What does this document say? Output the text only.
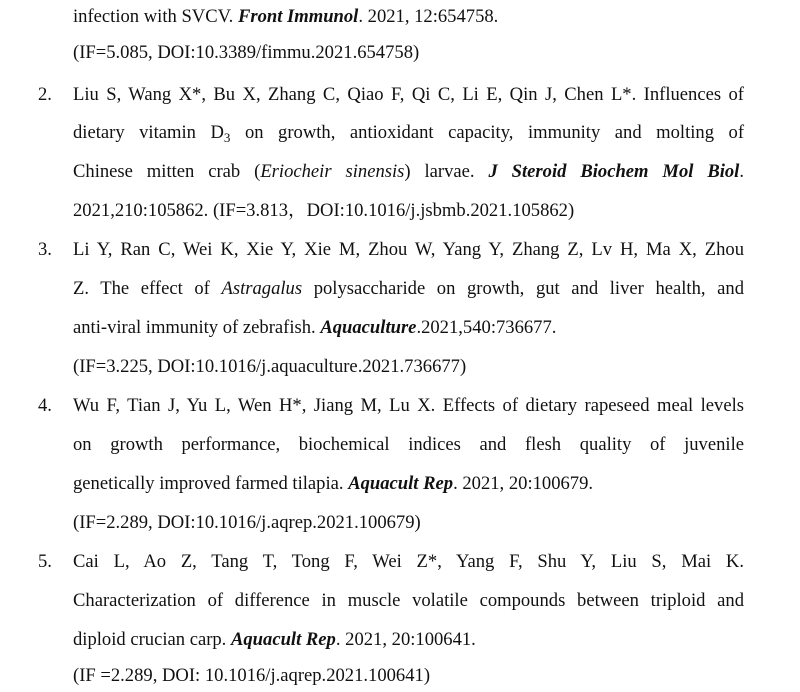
infection with SVCV. Front Immunol. 2021, 12:654758.
(IF=5.085, DOI:10.3389/fimmu.2021.654758)
2. Liu S, Wang X*, Bu X, Zhang C, Qiao F, Qi C, Li E, Qin J, Chen L*. Influences of
dietary vitamin $D_3$ on growth, antioxidant capacity, immunity and molting of
Chinese mitten crab (Eriocheir sinensis) larvae. J Steroid Biochem Mol Biol.
2021,210:105862. (IF=3.813，DOI:10.1016/j.jsbmb.2021.105862)
3. Li Y, Ran C, Wei K, Xie Y, Xie M, Zhou W, Yang Y, Zhang Z, Lv H, Ma X, Zhou
Z. The effect of Astragalus polysaccharide on growth, gut and liver health, and
anti-viral immunity of zebrafish. Aquaculture.2021,540:736677.
(IF=3.225, DOI:10.1016/j.aquaculture.2021.736677)
4. Wu F, Tian J, Yu L, Wen H*, Jiang M, Lu X. Effects of dietary rapeseed meal levels
on growth performance, biochemical indices and flesh quality of juvenile
genetically improved farmed tilapia. Aquacult Rep. 2021, 20:100679.
(IF=2.289, DOI:10.1016/j.aqrep.2021.100679)
5. Cai L, Ao Z, Tang T, Tong F, Wei Z*, Yang F, Shu Y, Liu S, Mai K.
Characterization of difference in muscle volatile compounds between triploid and
diploid crucian carp. Aquacult Rep. 2021, 20:100641.
(IF =2.289, DOI: 10.1016/j.aqrep.2021.100641)
